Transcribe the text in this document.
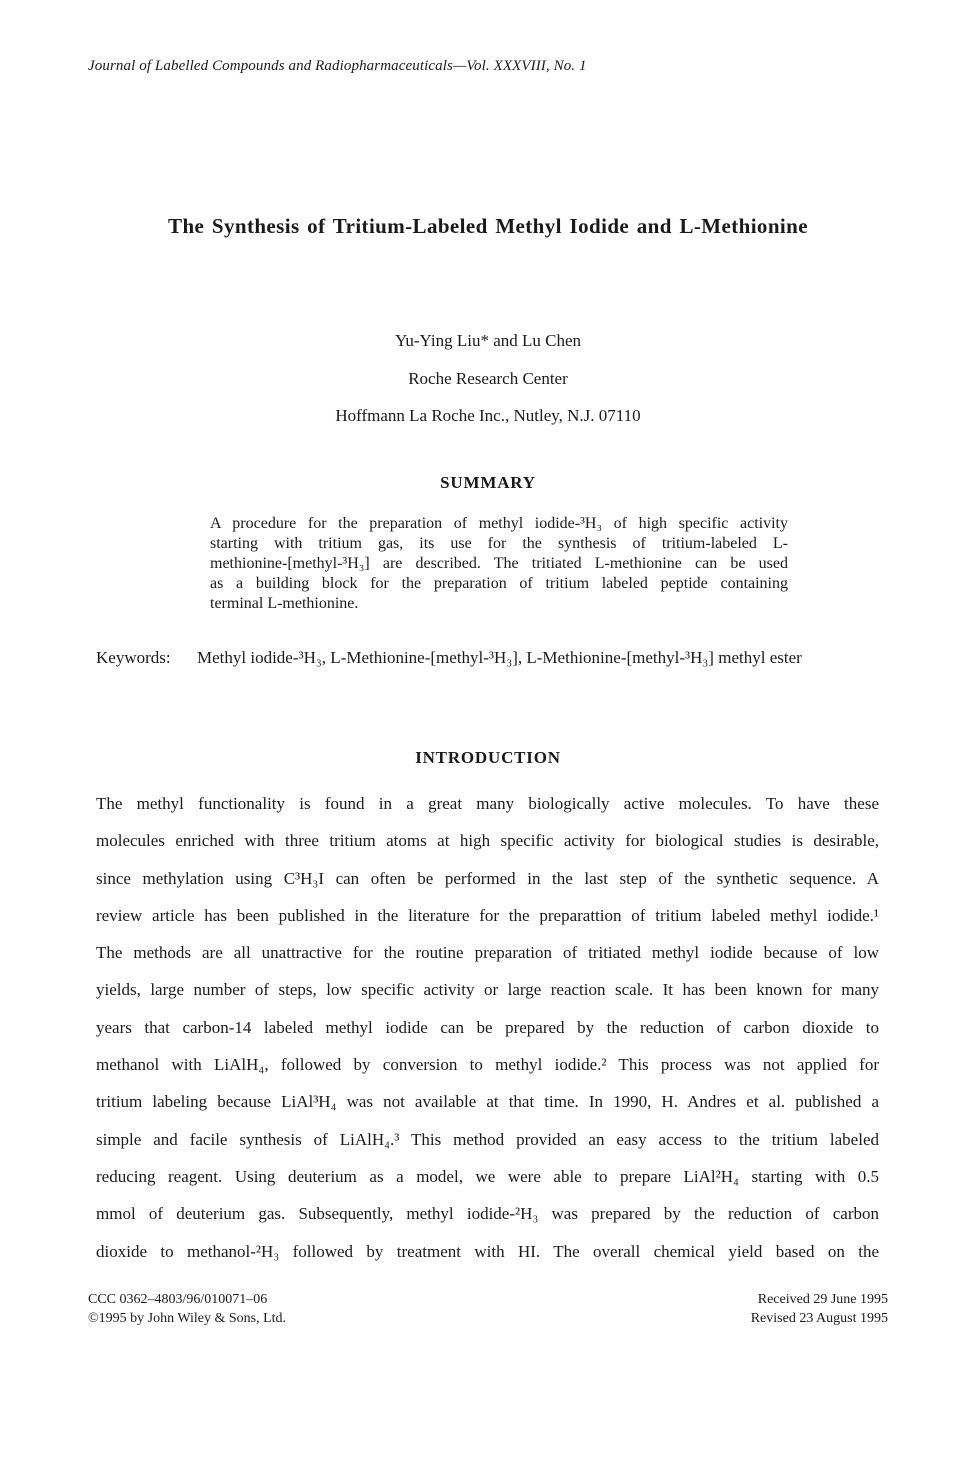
Journal of Labelled Compounds and Radiopharmaceuticals—Vol. XXXVIII, No. 1
The Synthesis of Tritium-Labeled Methyl Iodide and L-Methionine
Yu-Ying Liu* and Lu Chen
Roche Research Center
Hoffmann La Roche Inc., Nutley, N.J. 07110
SUMMARY
A procedure for the preparation of methyl iodide-³H₃ of high specific activity
starting with tritium gas, its use for the synthesis of tritium-labeled L-
methionine-[methyl-³H₃] are described. The tritiated L-methionine can be used
as a building block for the preparation of tritium labeled peptide containing
terminal L-methionine.
Keywords: Methyl iodide-³H₃, L-Methionine-[methyl-³H₃], L-Methionine-[methyl-³H₃] methyl ester
INTRODUCTION
The methyl functionality is found in a great many biologically active molecules. To have these
molecules enriched with three tritium atoms at high specific activity for biological studies is desirable,
since methylation using C³H₃I can often be performed in the last step of the synthetic sequence. A
review article has been published in the literature for the preparattion of tritium labeled methyl iodide.¹
The methods are all unattractive for the routine preparation of tritiated methyl iodide because of low
yields, large number of steps, low specific activity or large reaction scale. It has been known for many
years that carbon-14 labeled methyl iodide can be prepared by the reduction of carbon dioxide to
methanol with LiAlH₄, followed by conversion to methyl iodide.² This process was not applied for
tritium labeling because LiAl³H₄ was not available at that time. In 1990, H. Andres et al. published a
simple and facile synthesis of LiAlH₄.³ This method provided an easy access to the tritium labeled
reducing reagent. Using deuterium as a model, we were able to prepare LiAl²H₄ starting with 0.5
mmol of deuterium gas. Subsequently, methyl iodide-²H₃ was prepared by the reduction of carbon
dioxide to methanol-²H₃ followed by treatment with HI. The overall chemical yield based on the
CCC 0362–4803/96/010071–06
©1995 by John Wiley & Sons, Ltd.
Received 29 June 1995
Revised 23 August 1995
